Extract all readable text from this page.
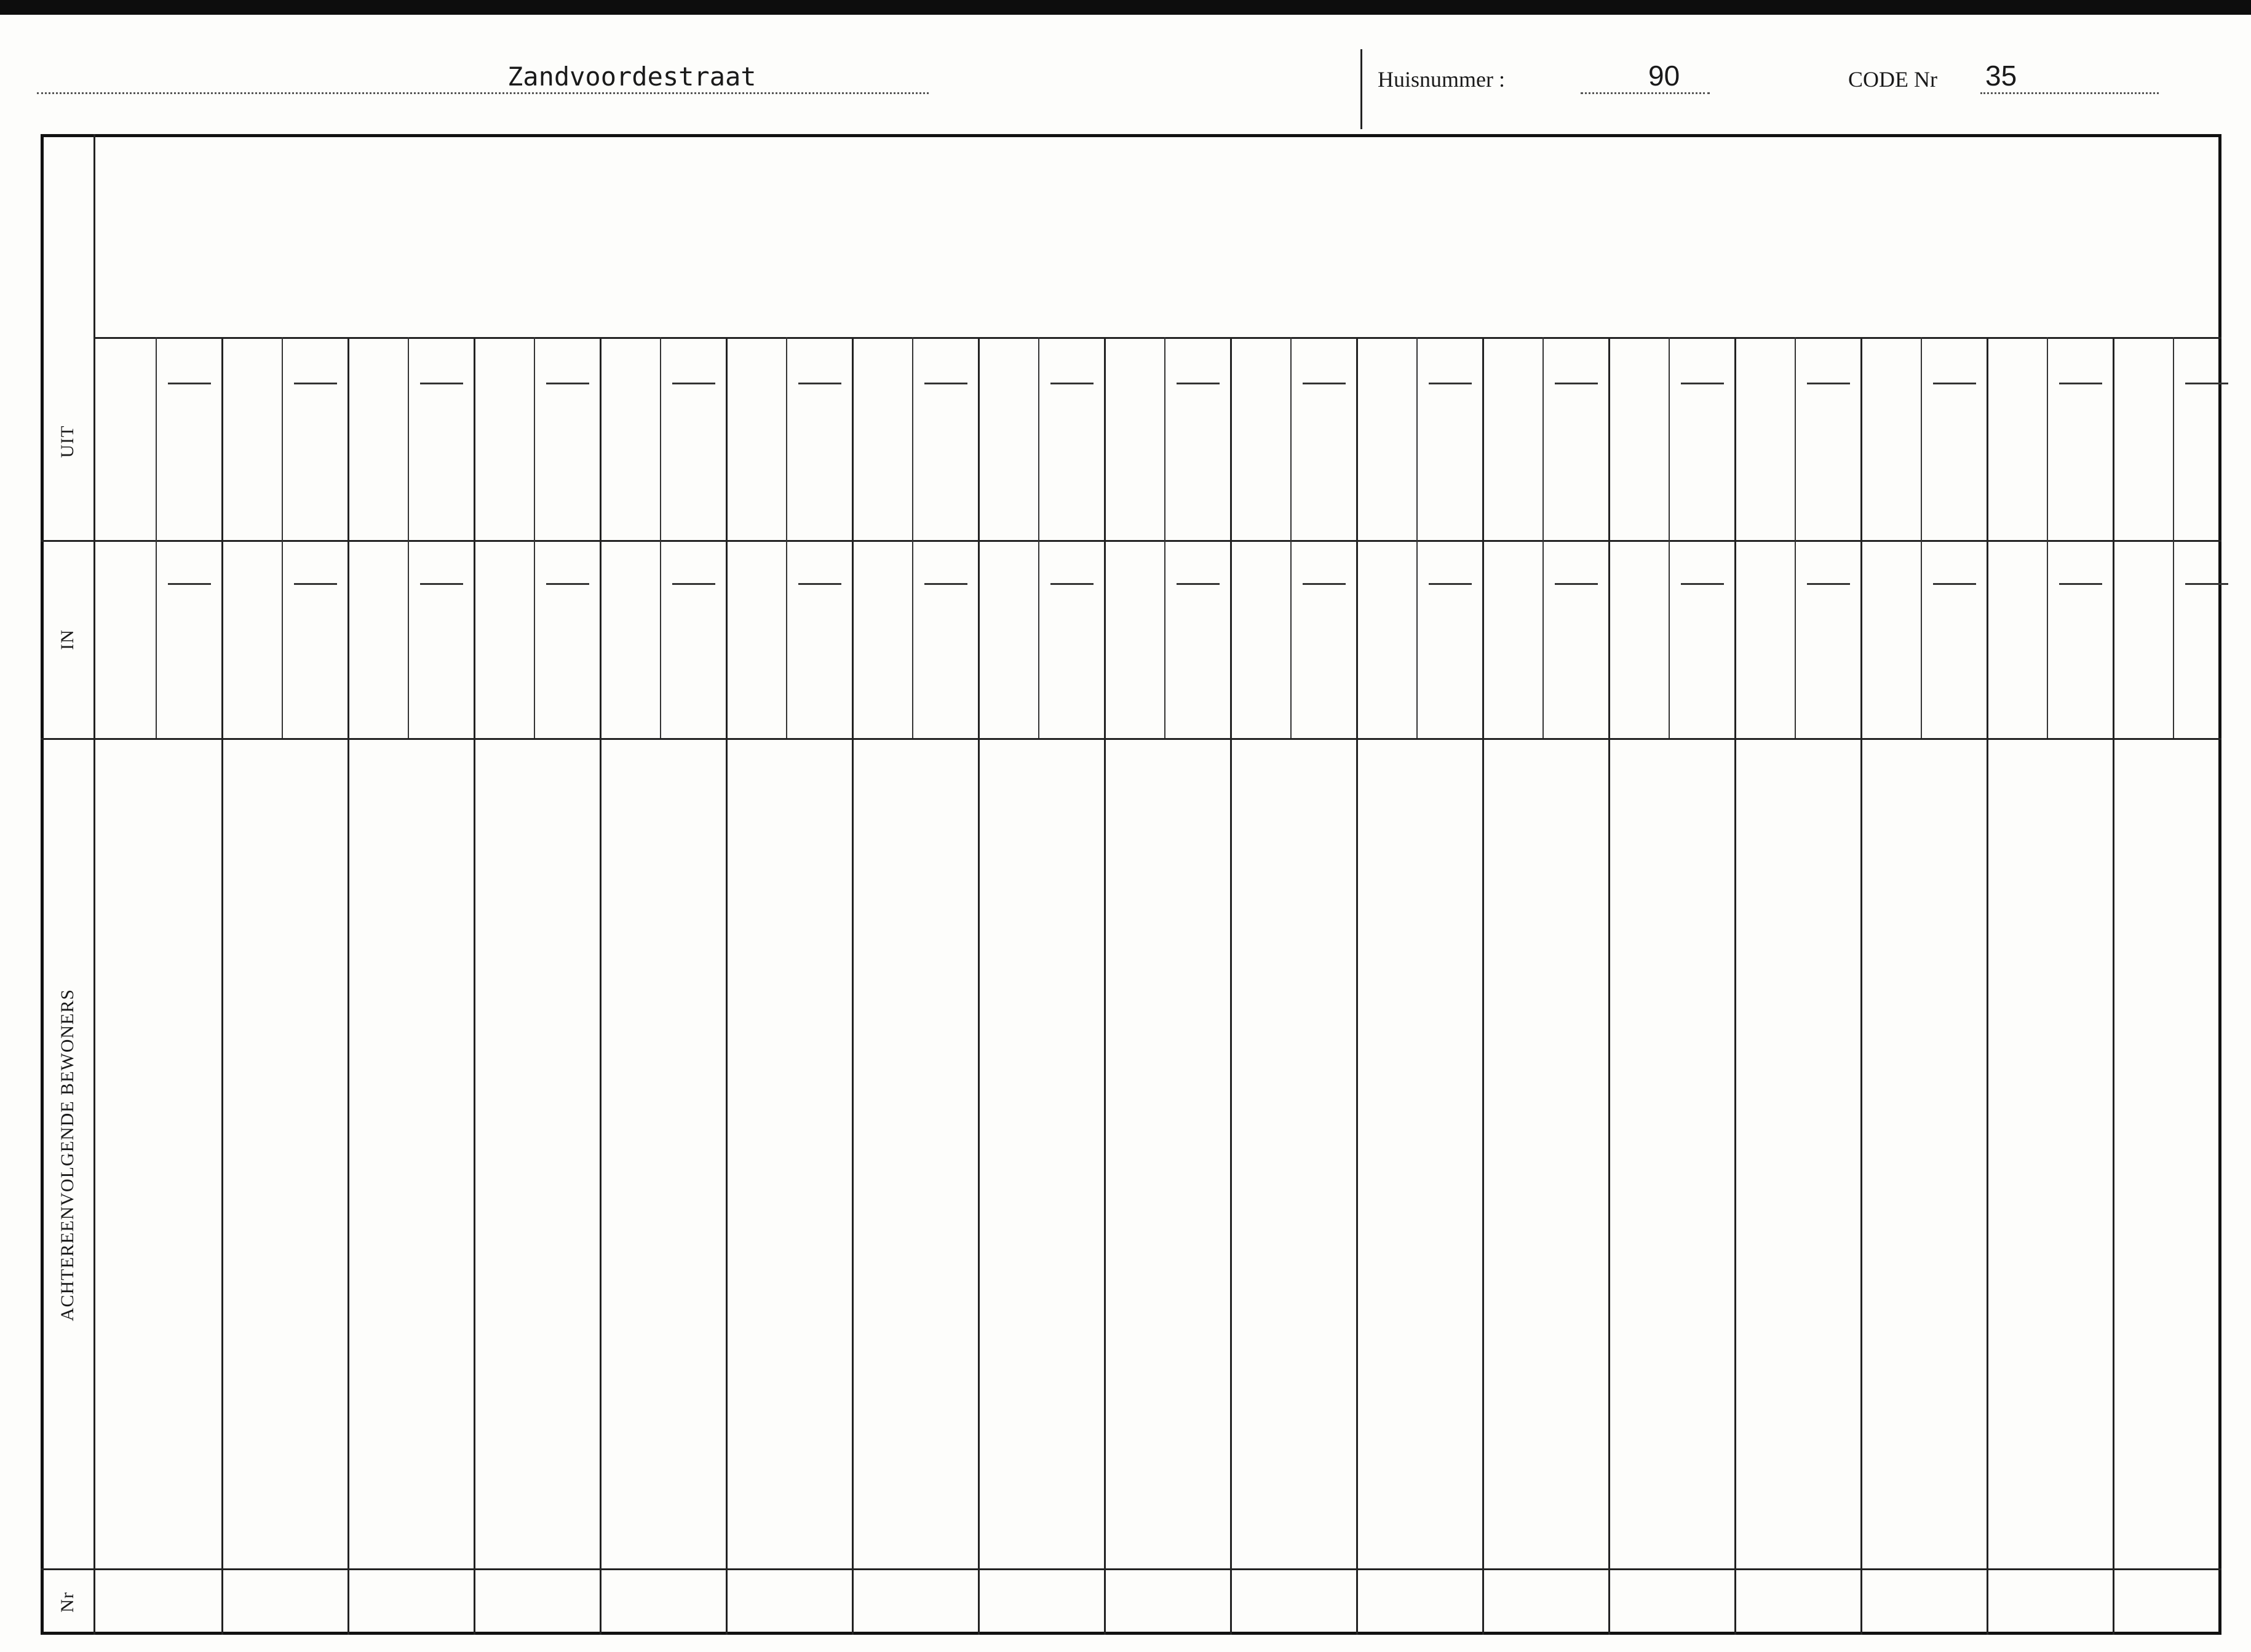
Zandvoordestraat	Huisnummer :	90	CODE Nr 35
Nr
ACHTEREENVOLGENDE BEWONERS
IN
UIT
